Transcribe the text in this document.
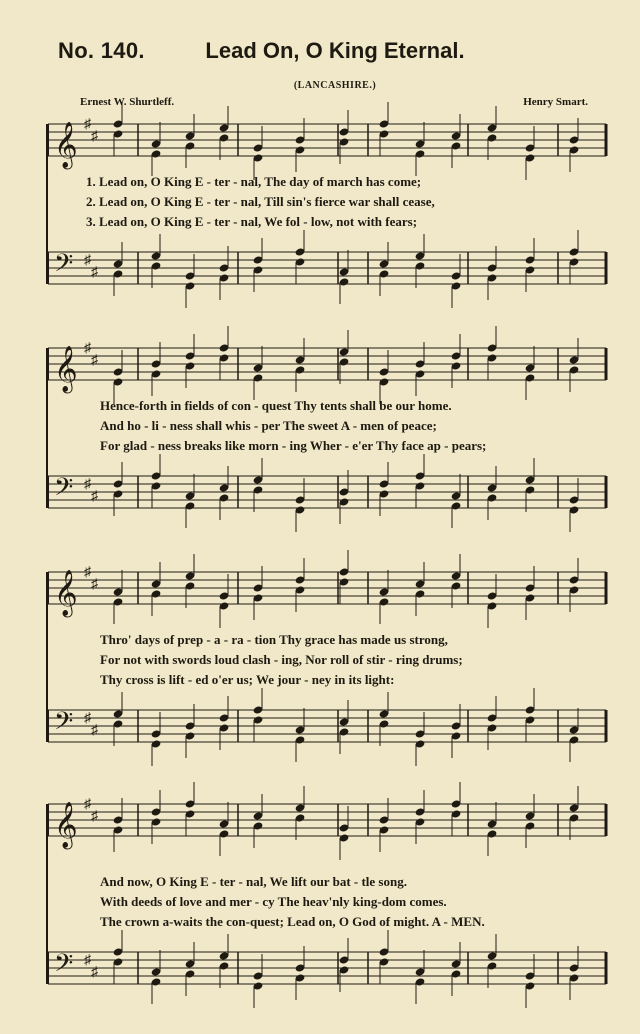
No. 140.	Lead On, O King Eternal.
(LANCASHIRE.)
Ernest W. Shurtleff.	Henry Smart.
𝄞 ♯
♯
1. Lead on, O King E - ter - nal, The day of march has come;
2. Lead on, O King E - ter - nal, Till sin's fierce war shall cease,
3. Lead on, O King E - ter - nal, We fol - low, not with fears;
𝄢 ♯
♯
𝄞 ♯
♯
Hence-forth in fields of con - quest Thy tents shall be our home.
And ho - li - ness shall whis - per The sweet A - men of peace;
For glad - ness breaks like morn - ing Wher - e'er Thy face ap - pears;
𝄢 ♯
♯
𝄞 ♯
♯
Thro' days of prep - a - ra - tion Thy grace has made us strong,
For not with swords loud clash - ing, Nor roll of stir - ring drums;
Thy cross is lift - ed o'er us; We jour - ney in its light:
𝄢 ♯
♯
𝄞 ♯
♯
And now, O King E - ter - nal, We lift our bat - tle song.
With deeds of love and mer - cy The heav'nly king-dom comes.
The crown a-waits the con-quest; Lead on, O God of might. A - MEN.
𝄢 ♯
♯
